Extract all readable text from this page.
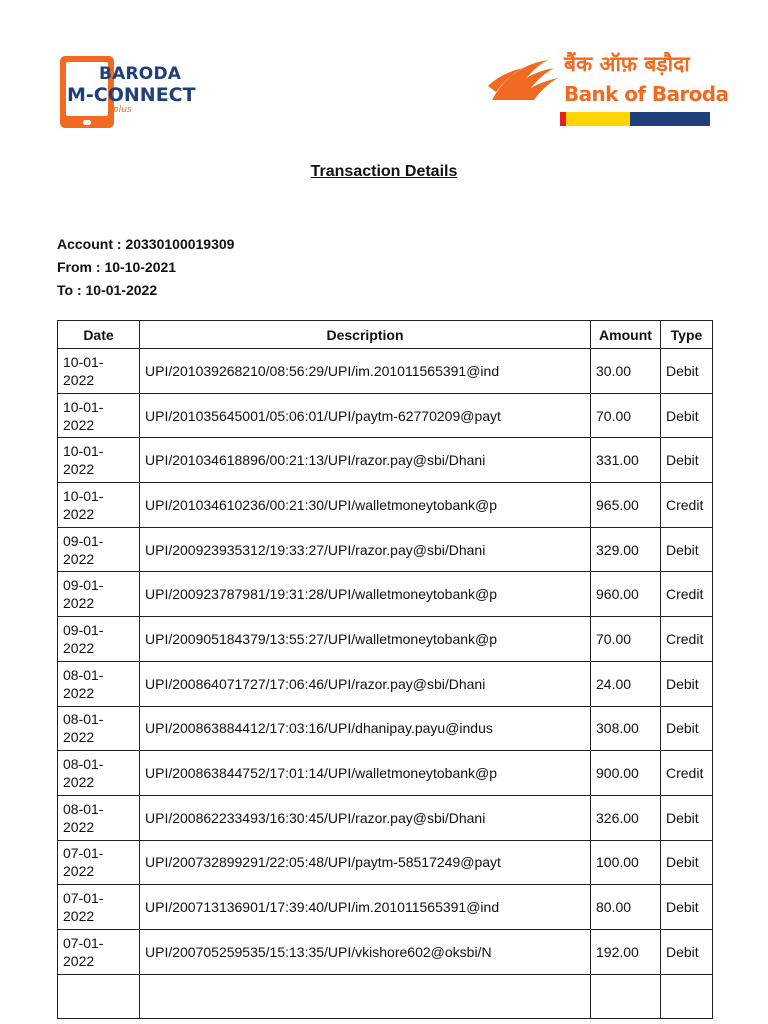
BARODA
M-CONNECT
plus
बैंक ऑफ़ बड़ौदा
Bank of Baroda
Transaction Details
Account : 20330100019309
From : 10-10-2021
To : 10-01-2022
Date	Description	Amount	Type
10-01-2022	UPI/201039268210/08:56:29/UPI/im.201011565391@ind	30.00	Debit
10-01-2022	UPI/201035645001/05:06:01/UPI/paytm-62770209@payt	70.00	Debit
10-01-2022	UPI/201034618896/00:21:13/UPI/razor.pay@sbi/Dhani	331.00	Debit
10-01-2022	UPI/201034610236/00:21:30/UPI/walletmoneytobank@p	965.00	Credit
09-01-2022	UPI/200923935312/19:33:27/UPI/razor.pay@sbi/Dhani	329.00	Debit
09-01-2022	UPI/200923787981/19:31:28/UPI/walletmoneytobank@p	960.00	Credit
09-01-2022	UPI/200905184379/13:55:27/UPI/walletmoneytobank@p	70.00	Credit
08-01-2022	UPI/200864071727/17:06:46/UPI/razor.pay@sbi/Dhani	24.00	Debit
08-01-2022	UPI/200863884412/17:03:16/UPI/dhanipay.payu@indus	308.00	Debit
08-01-2022	UPI/200863844752/17:01:14/UPI/walletmoneytobank@p	900.00	Credit
08-01-2022	UPI/200862233493/16:30:45/UPI/razor.pay@sbi/Dhani	326.00	Debit
07-01-2022	UPI/200732899291/22:05:48/UPI/paytm-58517249@payt	100.00	Debit
07-01-2022	UPI/200713136901/17:39:40/UPI/im.201011565391@ind	80.00	Debit
07-01-2022	UPI/200705259535/15:13:35/UPI/vkishore602@oksbi/N	192.00	Debit
